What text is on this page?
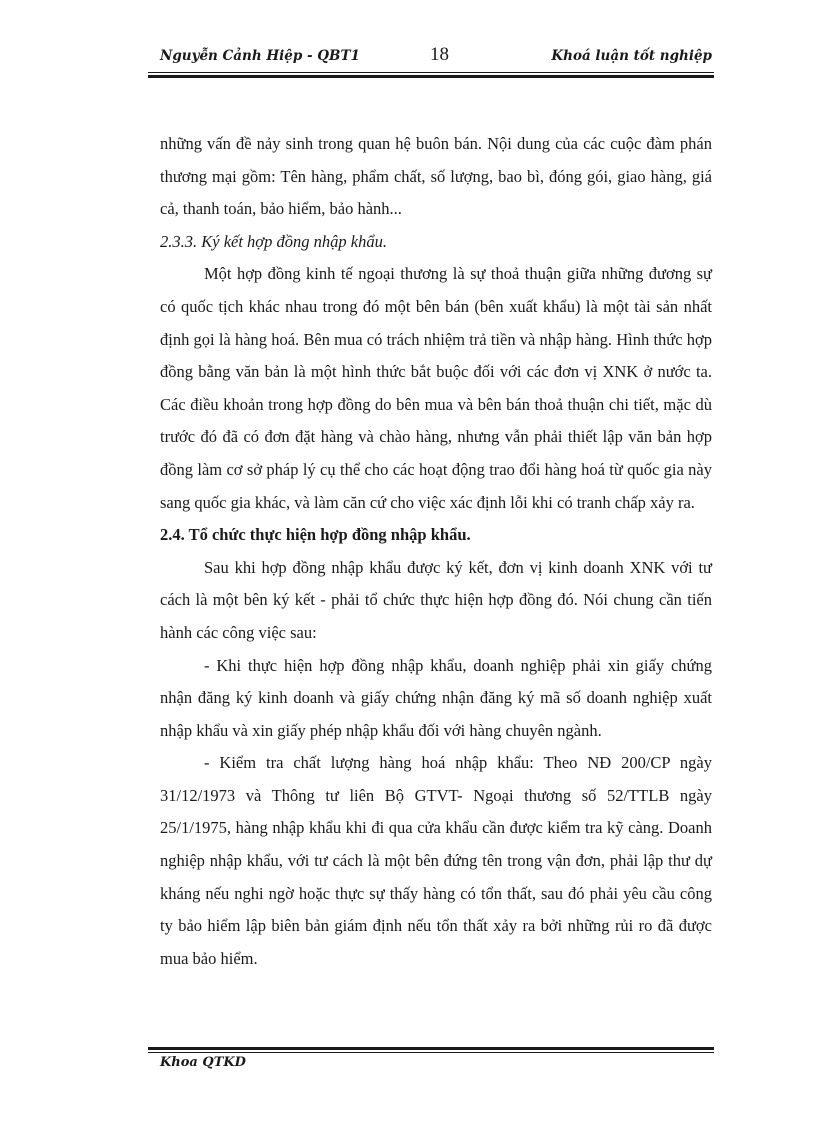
Nguyễn Cảnh Hiệp - QBT1	18	Khoá luận tốt nghiệp

những vấn đề nảy sinh trong quan hệ buôn bán. Nội dung của các cuộc đàm phán thương mại gồm: Tên hàng, phẩm chất, số lượng, bao bì, đóng gói, giao hàng, giá cả, thanh toán, bảo hiểm, bảo hành...

2.3.3. Ký kết hợp đồng nhập khẩu.

Một hợp đồng kinh tế ngoại thương là sự thoả thuận giữa những đương sự có quốc tịch khác nhau trong đó một bên bán (bên xuất khẩu) là một tài sản nhất định gọi là hàng hoá. Bên mua có trách nhiệm trả tiền và nhập hàng. Hình thức hợp đồng bằng văn bản là một hình thức bắt buộc đối với các đơn vị XNK ở nước ta. Các điều khoản trong hợp đồng do bên mua và bên bán thoả thuận chi tiết, mặc dù trước đó đã có đơn đặt hàng và chào hàng, nhưng vẫn phải thiết lập văn bản hợp đồng làm cơ sở pháp lý cụ thể cho các hoạt động trao đổi hàng hoá từ quốc gia này sang quốc gia khác, và làm căn cứ cho việc xác định lỗi khi có tranh chấp xảy ra.

2.4. Tổ chức thực hiện hợp đồng nhập khẩu.

Sau khi hợp đồng nhập khẩu được ký kết, đơn vị kinh doanh XNK với tư cách là một bên ký kết - phải tổ chức thực hiện hợp đồng đó. Nói chung cần tiến hành các công việc sau:

- Khi thực hiện hợp đồng nhập khẩu, doanh nghiệp phải xin giấy chứng nhận đăng ký kinh doanh và giấy chứng nhận đăng ký mã số doanh nghiệp xuất nhập khẩu và xin giấy phép nhập khẩu đối với hàng chuyên ngành.

- Kiểm tra chất lượng hàng hoá nhập khẩu: Theo NĐ 200/CP ngày 31/12/1973 và Thông tư liên Bộ GTVT- Ngoại thương số 52/TTLB ngày 25/1/1975, hàng nhập khẩu khi đi qua cửa khẩu cần được kiểm tra kỹ càng. Doanh nghiệp nhập khẩu, với tư cách là một bên đứng tên trong vận đơn, phải lập thư dự kháng nếu nghi ngờ hoặc thực sự thấy hàng có tổn thất, sau đó phải yêu cầu công ty bảo hiểm lập biên bản giám định nếu tổn thất xảy ra bởi những rủi ro đã được mua bảo hiểm.

Khoa QTKD
